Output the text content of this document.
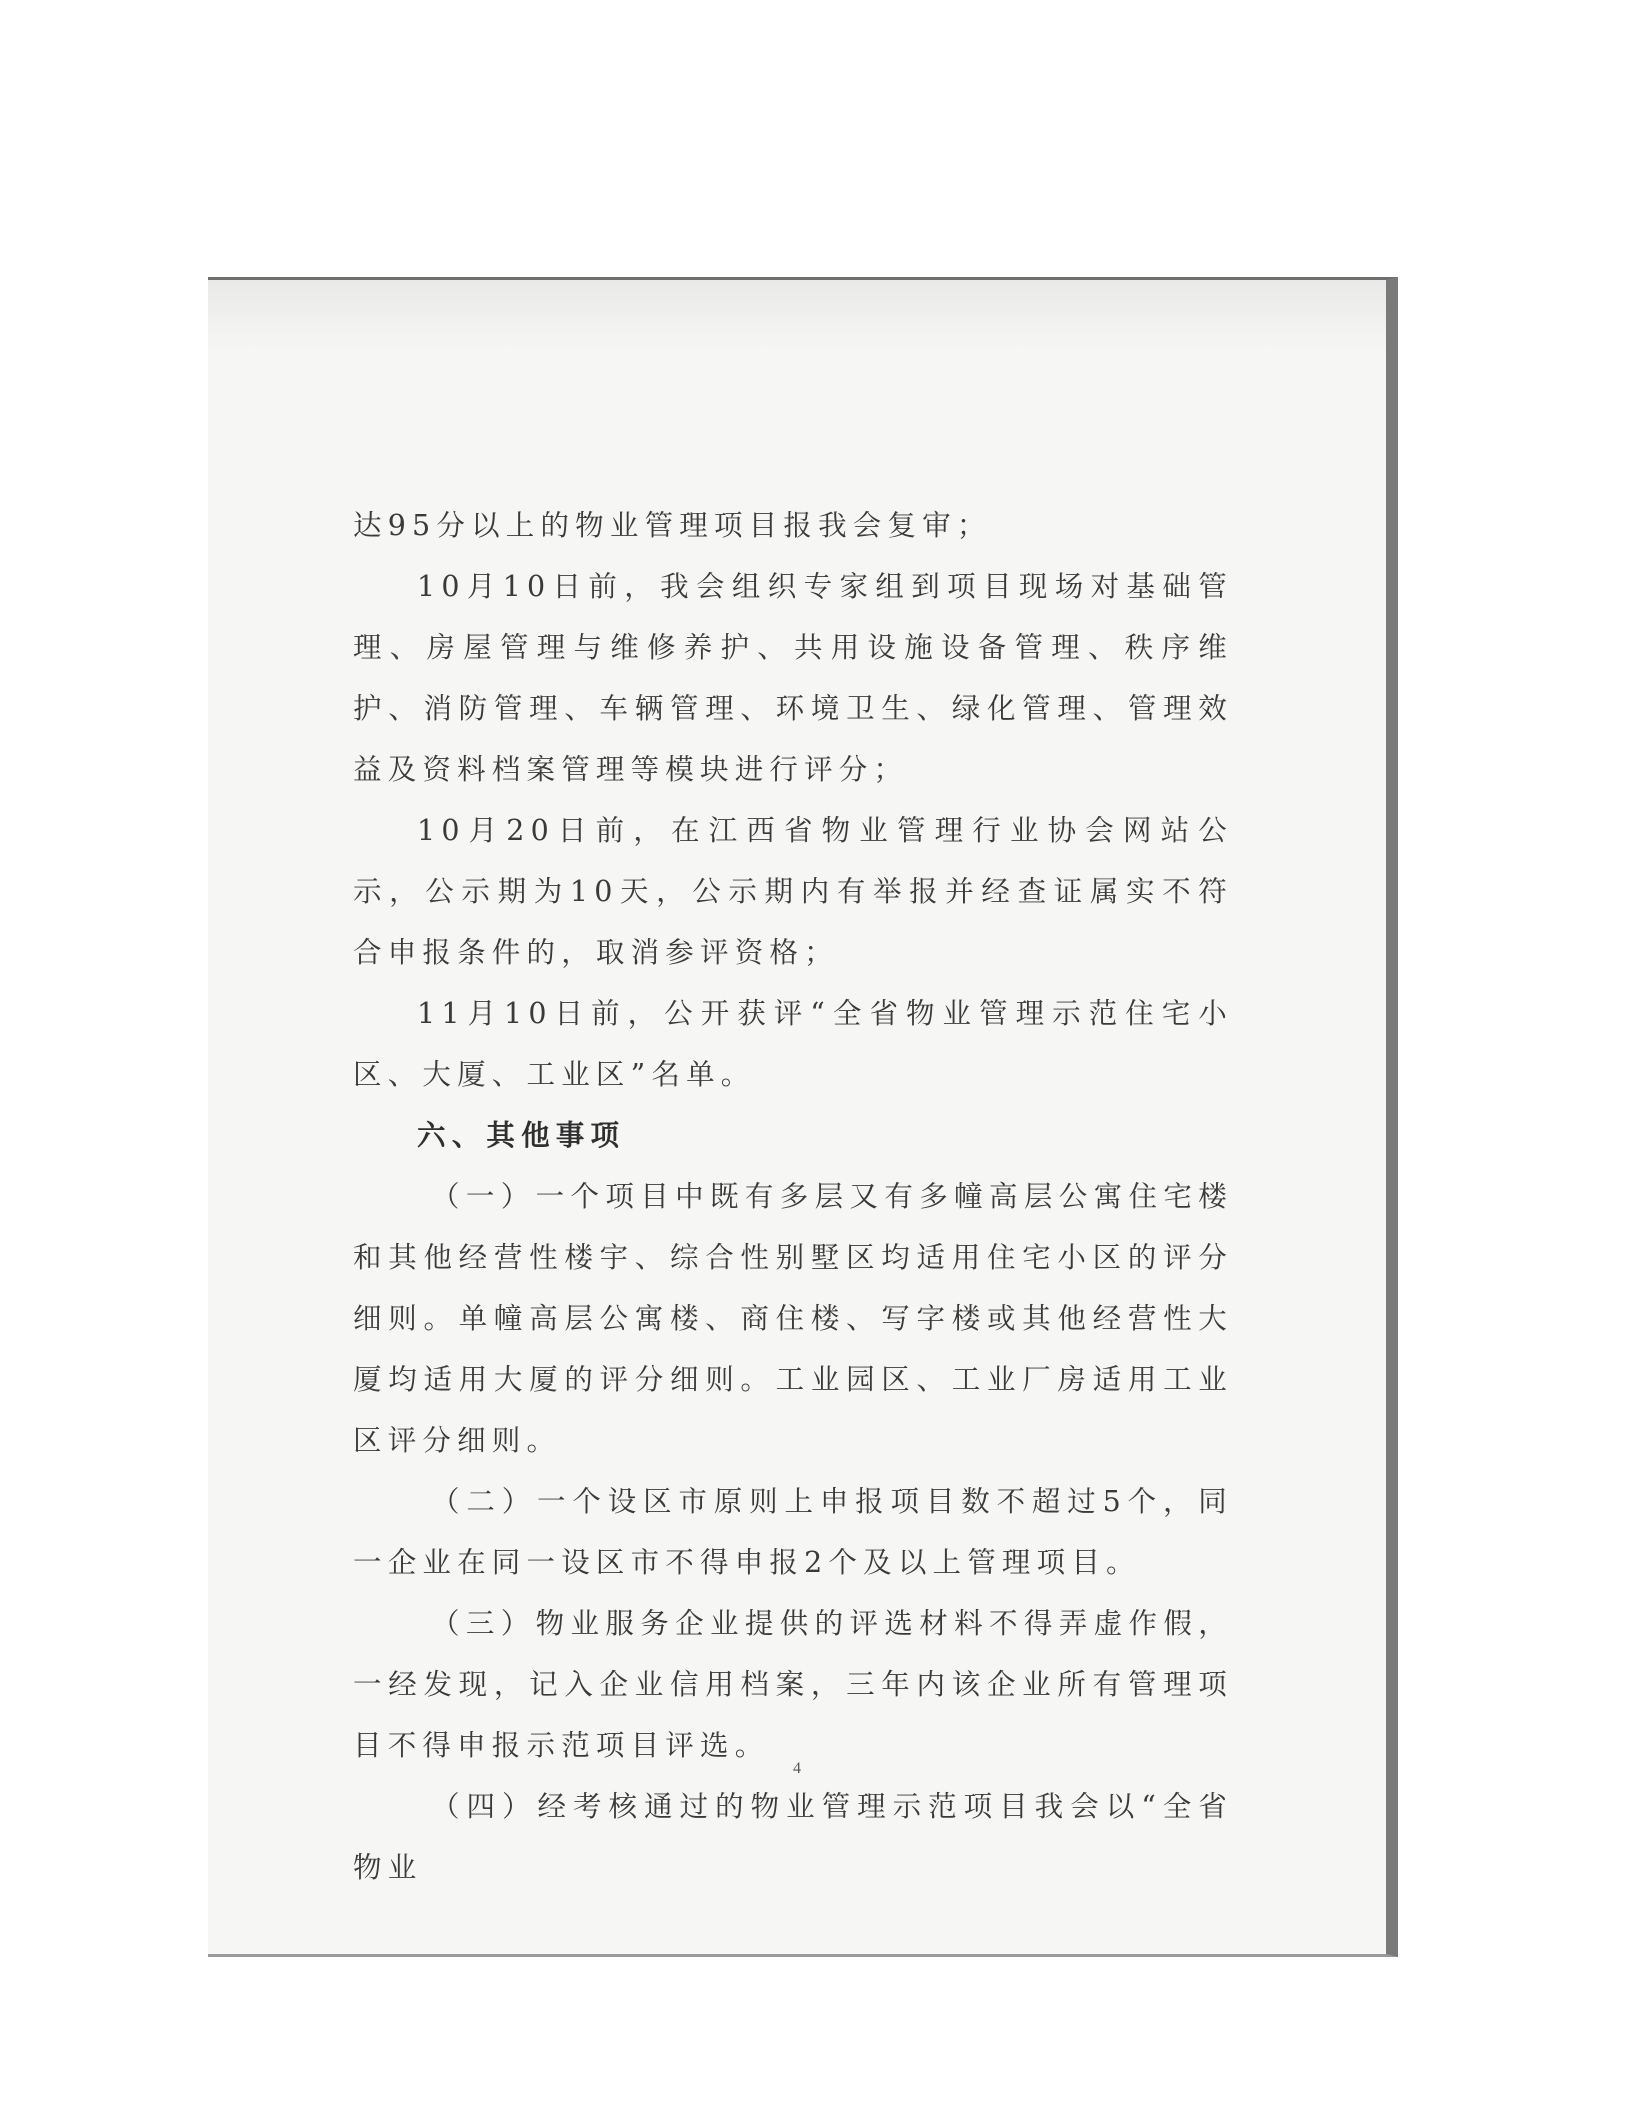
达95分以上的物业管理项目报我会复审；

10月10日前，我会组织专家组到项目现场对基础管理、房屋管理与维修养护、共用设施设备管理、秩序维护、消防管理、车辆管理、环境卫生、绿化管理、管理效益及资料档案管理等模块进行评分；

10月20日前，在江西省物业管理行业协会网站公示，公示期为10天，公示期内有举报并经查证属实不符合申报条件的，取消参评资格；

11月10日前，公开获评“全省物业管理示范住宅小区、大厦、工业区”名单。

六、其他事项

（一）一个项目中既有多层又有多幢高层公寓住宅楼和其他经营性楼宇、综合性别墅区均适用住宅小区的评分细则。单幢高层公寓楼、商住楼、写字楼或其他经营性大厦均适用大厦的评分细则。工业园区、工业厂房适用工业区评分细则。

（二）一个设区市原则上申报项目数不超过5个，同一企业在同一设区市不得申报2个及以上管理项目。

（三）物业服务企业提供的评选材料不得弄虚作假，一经发现，记入企业信用档案，三年内该企业所有管理项目不得申报示范项目评选。

（四）经考核通过的物业管理示范项目我会以“全省物业

4
